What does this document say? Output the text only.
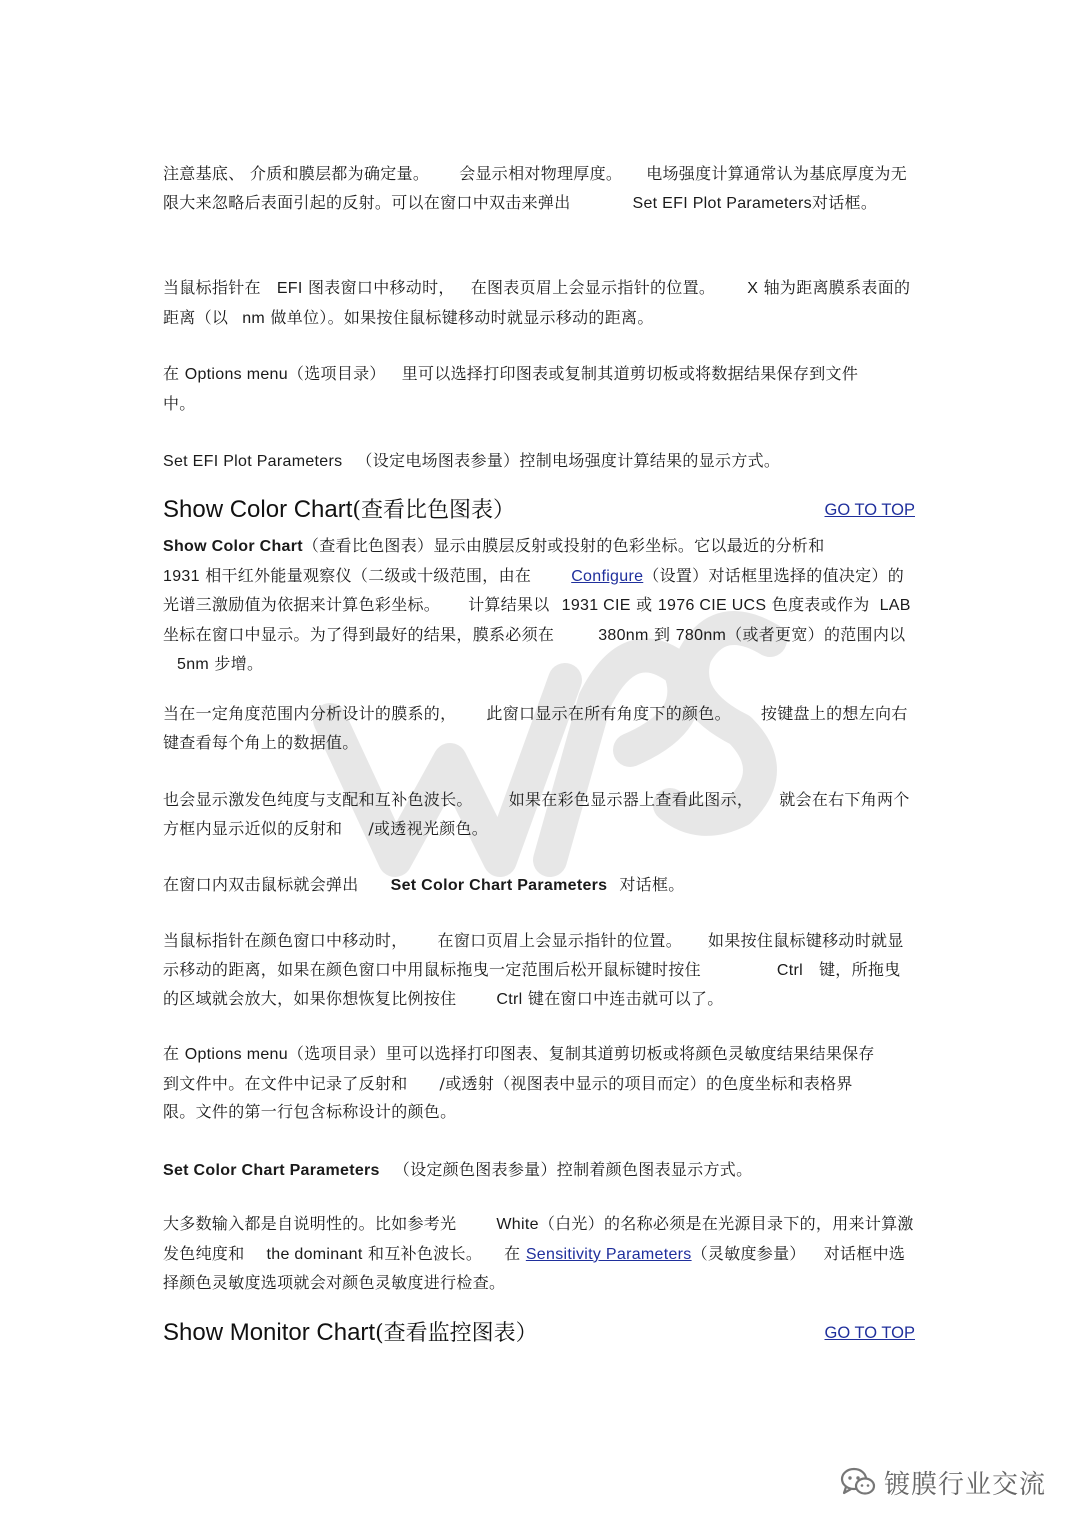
注意基底、 介质和膜层都为确定量。 会显示相对物理厚度。 电场强度计算通常认为基底厚度为无限大来忽略后表面引起的反射。可以在窗口中双击来弹出	Set EFI Plot Parameters对话框。

当鼠标指针在 EFI 图表窗口中移动时， 在图表页眉上会显示指针的位置。 X 轴为距离膜系表面的距离（以 nm 做单位）。如果按住鼠标键移动时就显示移动的距离。

在 Options menu（选项目录） 里可以选择打印图表或复制其道剪切板或将数据结果保存到文件中。

Set EFI Plot Parameters （设定电场图表参量）控制电场强度计算结果的显示方式。

Show Color Chart(查看比色图表）	GO TO TOP

Show Color Chart（查看比色图表）显示由膜层反射或投射的色彩坐标。它以最近的分析和
1931 相干红外能量观察仪（二级或十级范围，由在	Configure（设置）对话框里选择的值决定）的光谱三激励值为依据来计算色彩坐标。 计算结果以 1931 CIE 或 1976 CIE UCS 色度表或作为 LAB 坐标在窗口中显示。为了得到最好的结果，膜系必须在	380nm 到 780nm（或者更宽）的范围内以5nm 步增。

当在一定角度范围内分析设计的膜系的， 此窗口显示在所有角度下的颜色。 按键盘上的想左向右键查看每个角上的数据值。

也会显示激发色纯度与支配和互补色波长。 如果在彩色显示器上查看此图示， 就会在右下角两个方框内显示近似的反射和 /或透视光颜色。

在窗口内双击鼠标就会弹出 Set Color Chart Parameters 对话框。

当鼠标指针在颜色窗口中移动时， 在窗口页眉上会显示指针的位置。 如果按住鼠标键移动时就显示移动的距离，如果在颜色窗口中用鼠标拖曳一定范围后松开鼠标键时按住	Ctrl 键，所拖曳的区域就会放大，如果你想恢复比例按住	Ctrl 键在窗口中连击就可以了。

在 Options menu（选项目录）里可以选择打印图表、复制其道剪切板或将颜色灵敏度结果结果保存到文件中。在文件中记录了反射和 /或透射（视图表中显示的项目而定）的色度坐标和表格界限。文件的第一行包含标称设计的颜色。

Set Color Chart Parameters （设定颜色图表参量）控制着颜色图表显示方式。

大多数输入都是自说明性的。比如参考光	White（白光）的名称必须是在光源目录下的，用来计算激发色纯度和 the dominant 和互补色波长。 在 Sensitivity Parameters（灵敏度参量） 对话框中选择颜色灵敏度选项就会对颜色灵敏度进行检查。

Show Monitor Chart(查看监控图表）	GO TO TOP
镀膜行业交流
